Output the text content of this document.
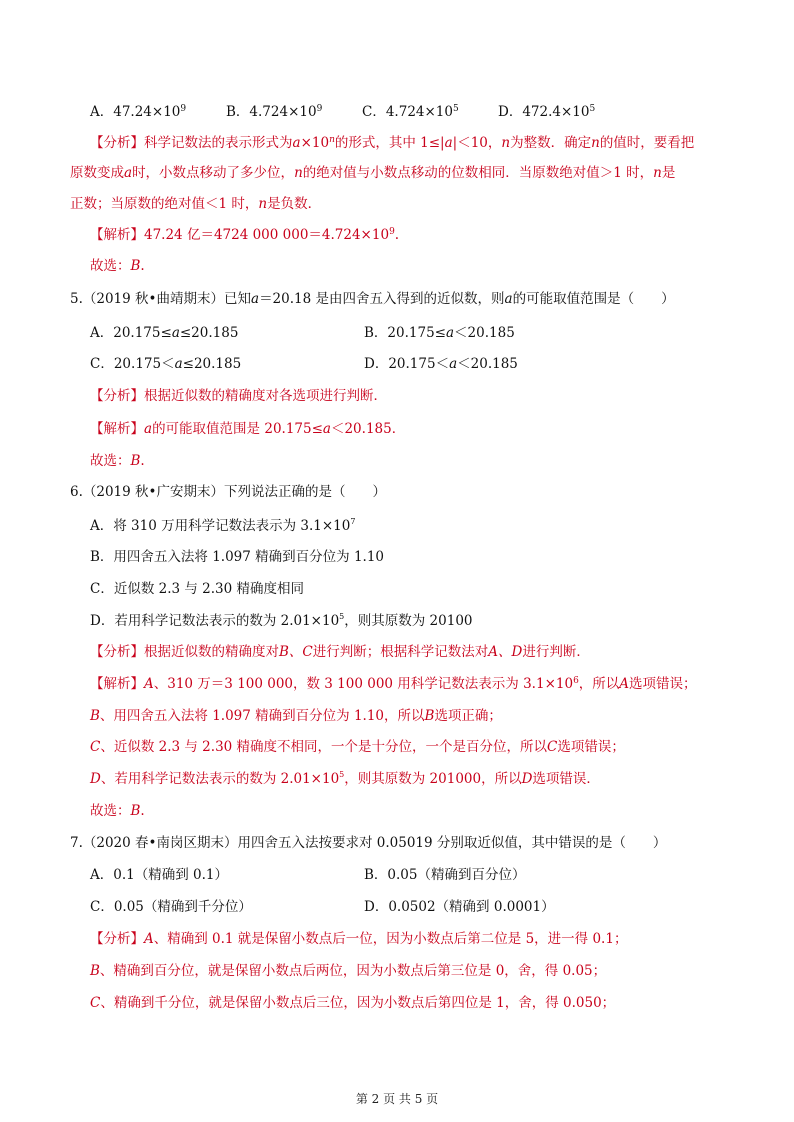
A．$47.24\times 10^9$	B．$4.724\times 10^9$	C．$4.724\times 10^5$	D．$472.4\times 10^5$
【分析】科学记数法的表示形式为$a\times 10^n$的形式，其中 1≤|a|＜10，n为整数．确定n的值时，要看把
原数变成a时，小数点移动了多少位，n的绝对值与小数点移动的位数相同．当原数绝对值＞1 时，n是
正数；当原数的绝对值＜1 时，n是负数．
【解析】47.24 亿＝4724 000 $000=4.724\times 10^9$.
故选：B.
5.（2019 秋•曲靖期末）已知a＝20.18 是由四舍五入得到的近似数，则a的可能取值范围是（　　）
A．20.175≤a≤20.185	B．20.175≤a＜20.185
C．20.175＜a≤20.185	D．20.175＜a＜20.185
【分析】根据近似数的精确度对各选项进行判断．
【解析】a的可能取值范围是 20.175≤a＜20.185．
故选：B.
6.（2019 秋•广安期末）下列说法正确的是（　　）
A．将 310 万用科学记数法表示为 $3.1\times 10^7$
B．用四舍五入法将 1.097 精确到百分位为 1.10
C．近似数 2.3 与 2.30 精确度相同
D．若用科学记数法表示的数为 $2.01\times 10^5$，则其原数为 20100
【分析】根据近似数的精确度对B、C进行判断；根据科学记数法对A、D进行判断．
【解析】A、310 万＝3 100 000，数 3 100 000 用科学记数法表示为 $3.1\times 10^6$，所以A选项错误；
B、用四舍五入法将 1.097 精确到百分位为 1.10，所以B选项正确；
C、近似数 2.3 与 2.30 精确度不相同，一个是十分位，一个是百分位，所以C选项错误；
D、若用科学记数法表示的数为 $2.01\times 10^5$，则其原数为 201000，所以D选项错误．
故选：B.
7.（2020 春•南岗区期末）用四舍五入法按要求对 0.05019 分别取近似值，其中错误的是（　　）
A．0.1（精确到 0.1）	B．0.05（精确到百分位）
C．0.05（精确到千分位）	D．0.0502（精确到 0.0001）
【分析】A、精确到 0.1 就是保留小数点后一位，因为小数点后第二位是 5，进一得 0.1；
B、精确到百分位，就是保留小数点后两位，因为小数点后第三位是 0，舍，得 0.05；
C、精确到千分位，就是保留小数点后三位，因为小数点后第四位是 1，舍，得 0.050；
第 2 页 共 5 页
